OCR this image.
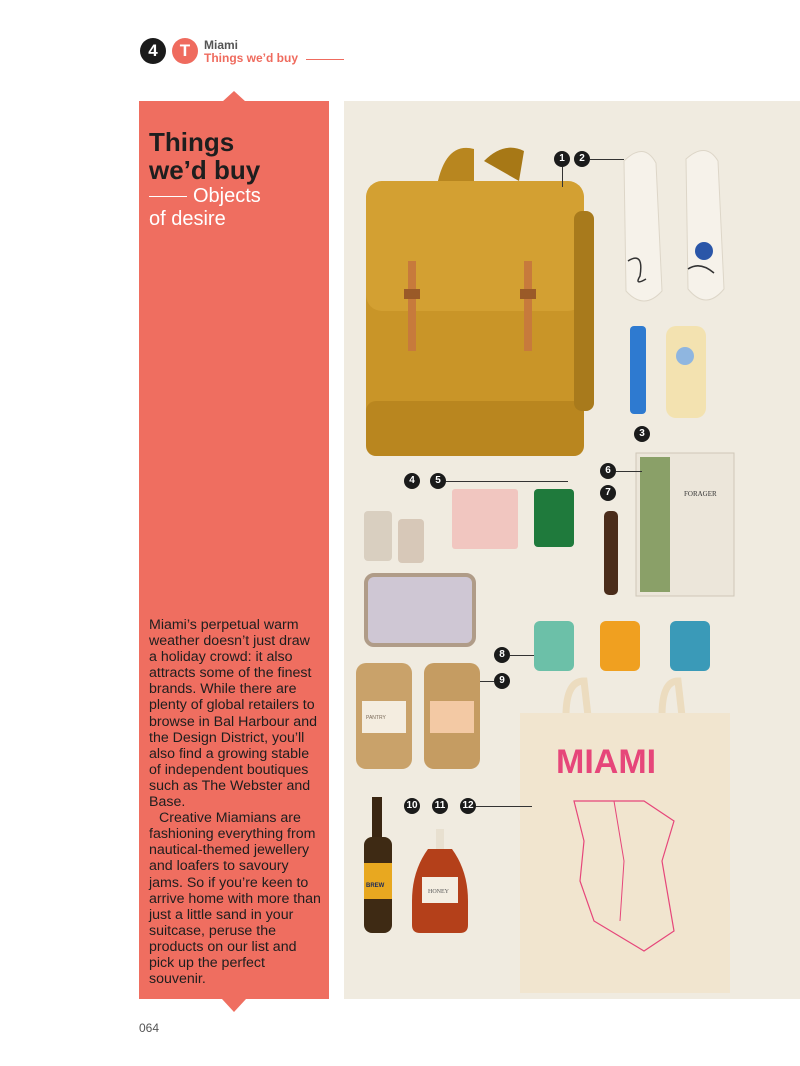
4	T	Miami
Things we’d buy
Things
we’d buy
Objects
of desire

Miami’s perpetual warm weather doesn’t just draw a holiday crowd: it also attracts some of the finest brands. While there are plenty of global retailers to browse in Bal Harbour and the Design District, you’ll also find a growing stable of independent boutiques such as The Webster and Base.

Creative Miamians are fashioning everything from nautical-themed jewellery and loafers to savoury jams. So if you’re keen to arrive home with more than just a little sand in your suitcase, peruse the products on our list and pick up the perfect souvenir.

064
FORAGER
PANTRY
MIAMI
BREW
HONEY
1	2
3
4	5
6
7
8
9
10 11 12
